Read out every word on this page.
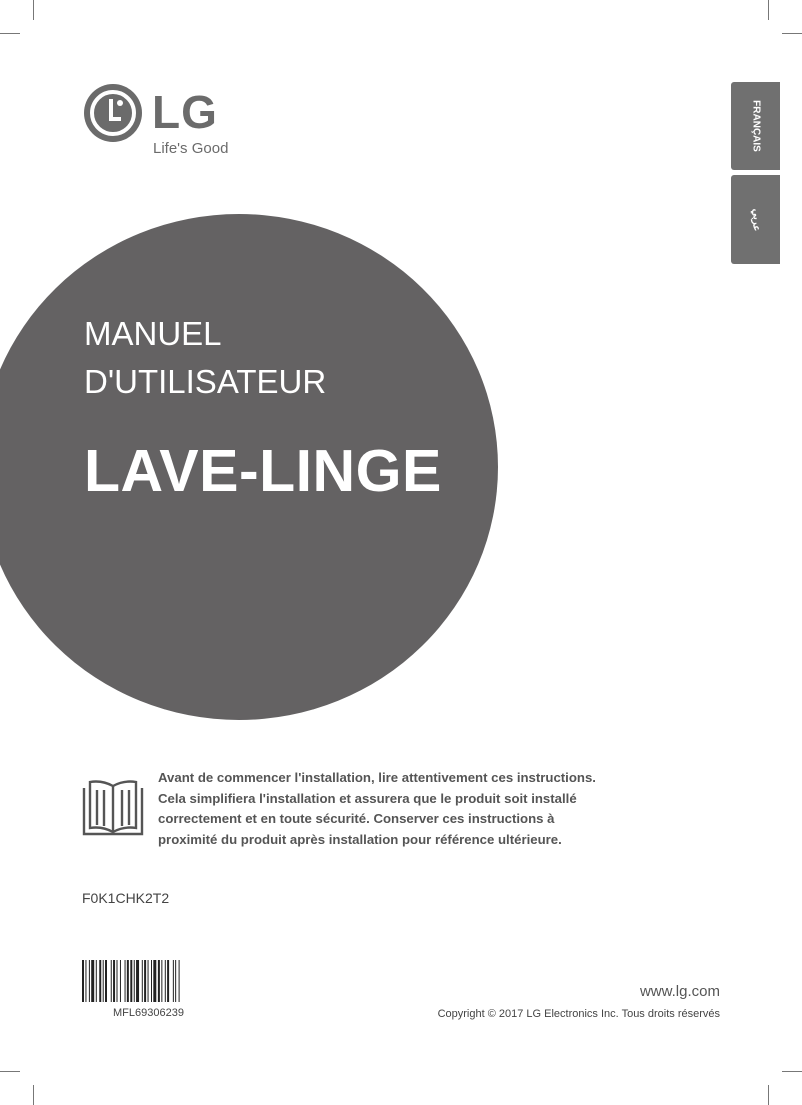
LG
Life's Good	FRANÇAIS
عربي
MANUEL
D'UTILISATEUR
LAVE-LINGE
Avant de commencer l'installation, lire attentivement ces instructions.
Cela simplifiera l'installation et assurera que le produit soit installé
correctement et en toute sécurité. Conserver ces instructions à
proximité du produit après installation pour référence ultérieure.
F0K1CHK2T2
MFL69306239
www.lg.com
Copyright © 2017 LG Electronics Inc. Tous droits réservés
